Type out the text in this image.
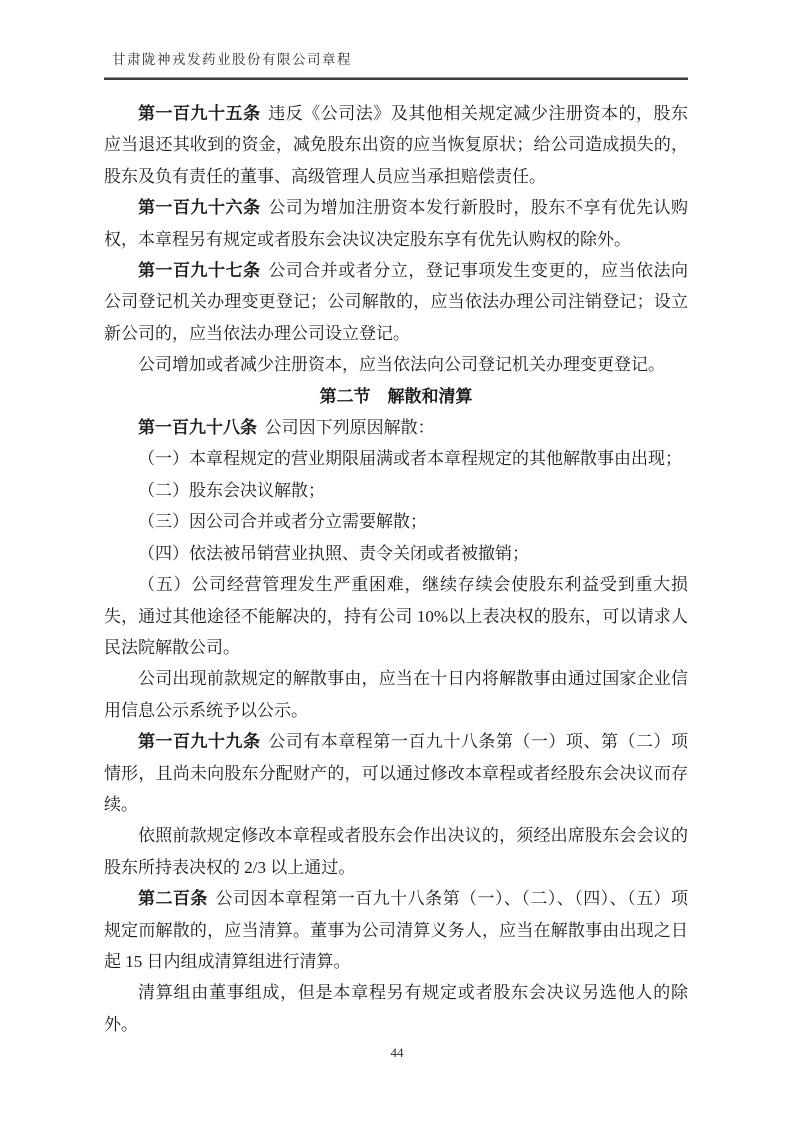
甘肃陇神戎发药业股份有限公司章程

第一百九十五条 违反《公司法》及其他相关规定减少注册资本的，股东应当退还其收到的资金，减免股东出资的应当恢复原状；给公司造成损失的，股东及负有责任的董事、高级管理人员应当承担赔偿责任。

第一百九十六条 公司为增加注册资本发行新股时，股东不享有优先认购权，本章程另有规定或者股东会决议决定股东享有优先认购权的除外。

第一百九十七条 公司合并或者分立，登记事项发生变更的，应当依法向公司登记机关办理变更登记；公司解散的，应当依法办理公司注销登记；设立新公司的，应当依法办理公司设立登记。

公司增加或者减少注册资本，应当依法向公司登记机关办理变更登记。

第二节　解散和清算

第一百九十八条 公司因下列原因解散：

（一）本章程规定的营业期限届满或者本章程规定的其他解散事由出现；

（二）股东会决议解散；

（三）因公司合并或者分立需要解散；

（四）依法被吊销营业执照、责令关闭或者被撤销；

（五）公司经营管理发生严重困难，继续存续会使股东利益受到重大损失，通过其他途径不能解决的，持有公司 10%以上表决权的股东，可以请求人民法院解散公司。

公司出现前款规定的解散事由，应当在十日内将解散事由通过国家企业信用信息公示系统予以公示。

第一百九十九条 公司有本章程第一百九十八条第（一）项、第（二）项情形，且尚未向股东分配财产的，可以通过修改本章程或者经股东会决议而存续。

依照前款规定修改本章程或者股东会作出决议的，须经出席股东会会议的股东所持表决权的 2/3 以上通过。

第二百条 公司因本章程第一百九十八条第（一）、（二）、（四）、（五）项规定而解散的，应当清算。董事为公司清算义务人，应当在解散事由出现之日起 15 日内组成清算组进行清算。

清算组由董事组成，但是本章程另有规定或者股东会决议另选他人的除外。

44
